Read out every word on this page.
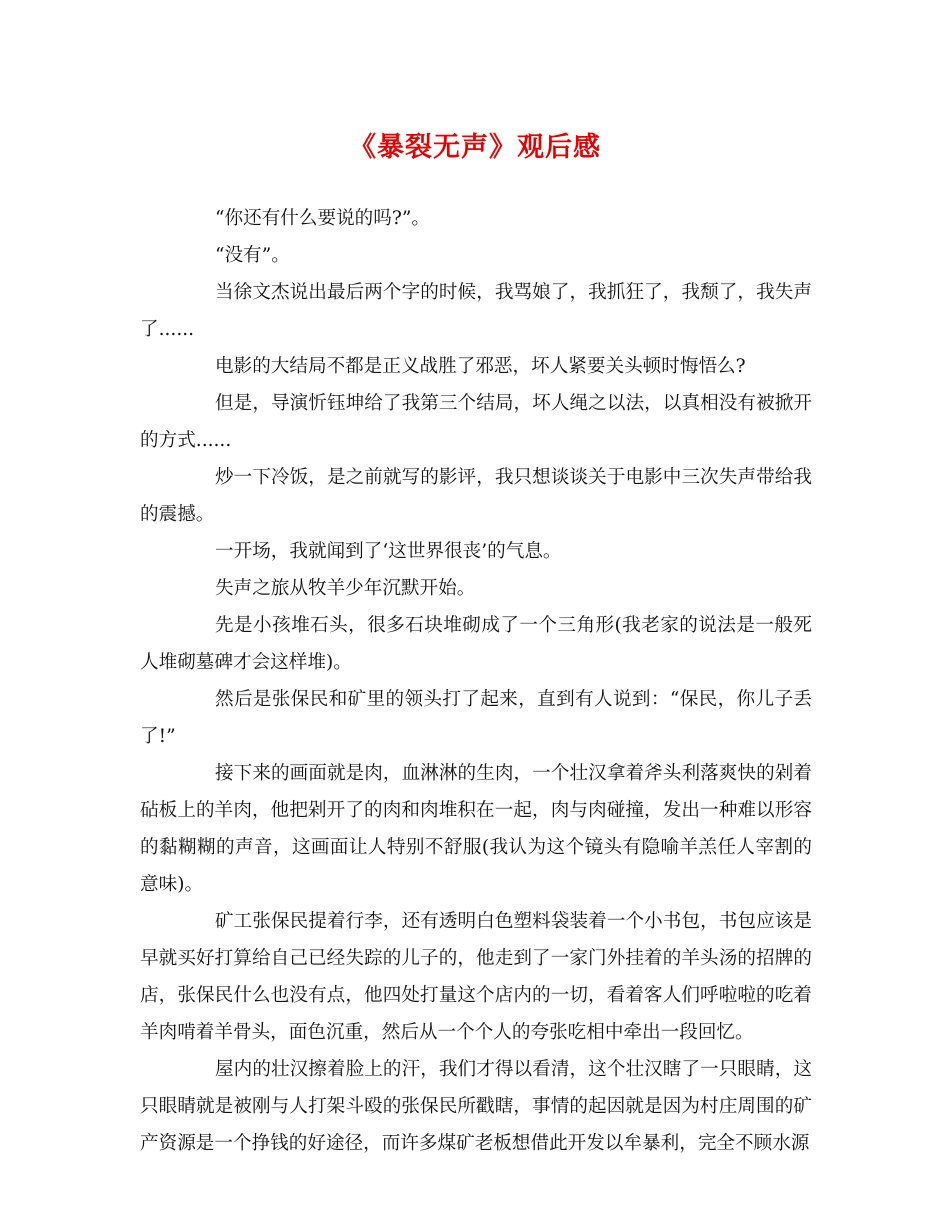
《暴裂无声》观后感

“你还有什么要说的吗?”。

“没有”。

当徐文杰说出最后两个字的时候，我骂娘了，我抓狂了，我颓了，我失声了......

电影的大结局不都是正义战胜了邪恶，坏人紧要关头顿时悔悟么?

但是，导演忻钰坤给了我第三个结局，坏人绳之以法，以真相没有被掀开的方式......

炒一下冷饭，是之前就写的影评，我只想谈谈关于电影中三次失声带给我的震撼。

一开场，我就闻到了‘这世界很丧’的气息。

失声之旅从牧羊少年沉默开始。

先是小孩堆石头，很多石块堆砌成了一个三角形(我老家的说法是一般死人堆砌墓碑才会这样堆)。

然后是张保民和矿里的领头打了起来，直到有人说到：“保民，你儿子丢了!”

接下来的画面就是肉，血淋淋的生肉，一个壮汉拿着斧头利落爽快的剁着砧板上的羊肉，他把剁开了的肉和肉堆积在一起，肉与肉碰撞，发出一种难以形容的黏糊糊的声音，这画面让人特别不舒服(我认为这个镜头有隐喻羊羔任人宰割的意味)。

矿工张保民提着行李，还有透明白色塑料袋装着一个小书包，书包应该是早就买好打算给自己已经失踪的儿子的，他走到了一家门外挂着的羊头汤的招牌的店，张保民什么也没有点，他四处打量这个店内的一切，看着客人们呼啦啦的吃着羊肉啃着羊骨头，面色沉重，然后从一个个人的夸张吃相中牵出一段回忆。

屋内的壮汉擦着脸上的汗，我们才得以看清，这个壮汉瞎了一只眼睛，这只眼睛就是被刚与人打架斗殴的张保民所戳瞎，事情的起因就是因为村庄周围的矿产资源是一个挣钱的好途径，而许多煤矿老板想借此开发以牟暴利，完全不顾水源
